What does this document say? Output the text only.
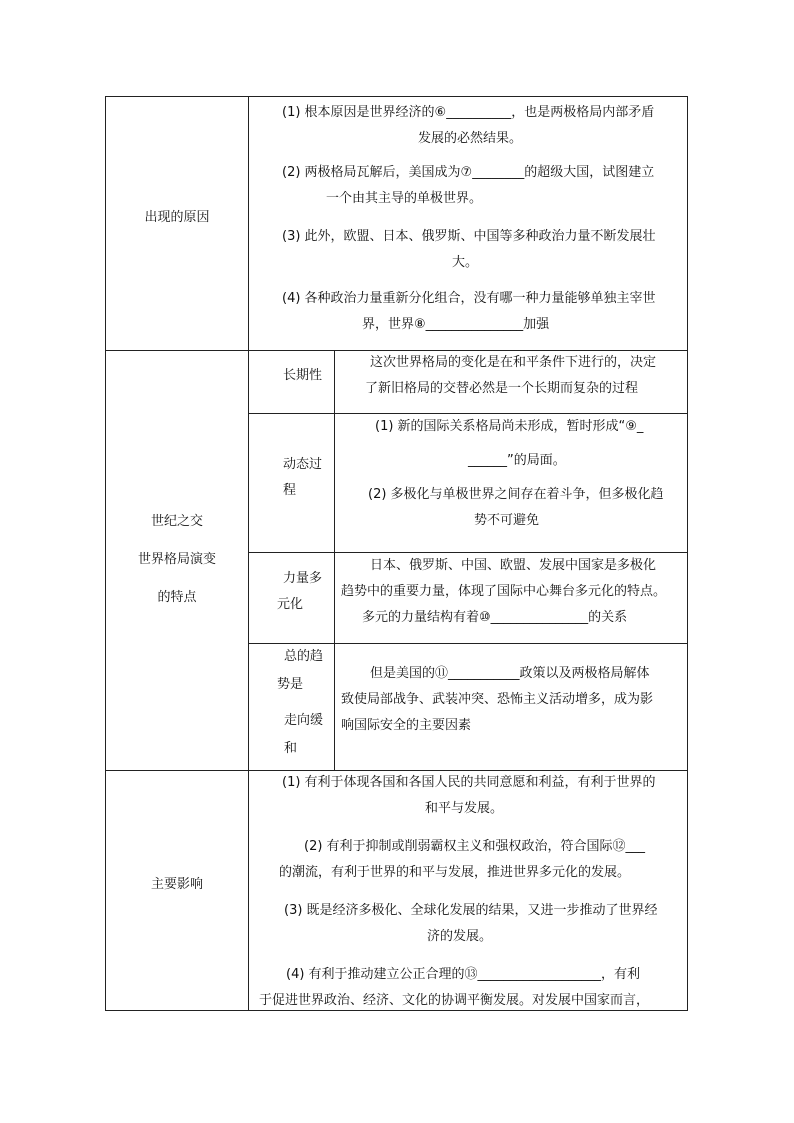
出现的原因
(1) 根本原因是世界经济的⑥__________，也是两极格局内部矛盾
发展的必然结果。
(2) 两极格局瓦解后，美国成为⑦________的超级大国，试图建立
一个由其主导的单极世界。
(3) 此外，欧盟、日本、俄罗斯、中国等多种政治力量不断发展壮
大。
(4) 各种政治力量重新分化组合，没有哪一种力量能够单独主宰世
界，世界⑧_______________加强
世纪之交
世界格局演变
的特点
长期性
这次世界格局的变化是在和平条件下进行的，决定
了新旧格局的交替必然是一个长期而复杂的过程
动态过
程
(1) 新的国际关系格局尚未形成，暂时形成“⑨_
______”的局面。
(2) 多极化与单极世界之间存在着斗争，但多极化趋
势不可避免
力量多
元化
日本、俄罗斯、中国、欧盟、发展中国家是多极化
趋势中的重要力量，体现了国际中心舞台多元化的特点。
多元的力量结构有着⑩_______________的关系
总的趋
势是
走向缓
和
但是美国的⑪___________政策以及两极格局解体
致使局部战争、武装冲突、恐怖主义活动增多，成为影
响国际安全的主要因素
主要影响
(1) 有利于体现各国和各国人民的共同意愿和利益，有利于世界的
和平与发展。
(2) 有利于抑制或削弱霸权主义和强权政治，符合国际⑫___
的潮流，有利于世界的和平与发展，推进世界多元化的发展。
(3) 既是经济多极化、全球化发展的结果，又进一步推动了世界经
济的发展。
(4) 有利于推动建立公正合理的⑬___________________，有利
于促进世界政治、经济、文化的协调平衡发展。对发展中国家而言，
